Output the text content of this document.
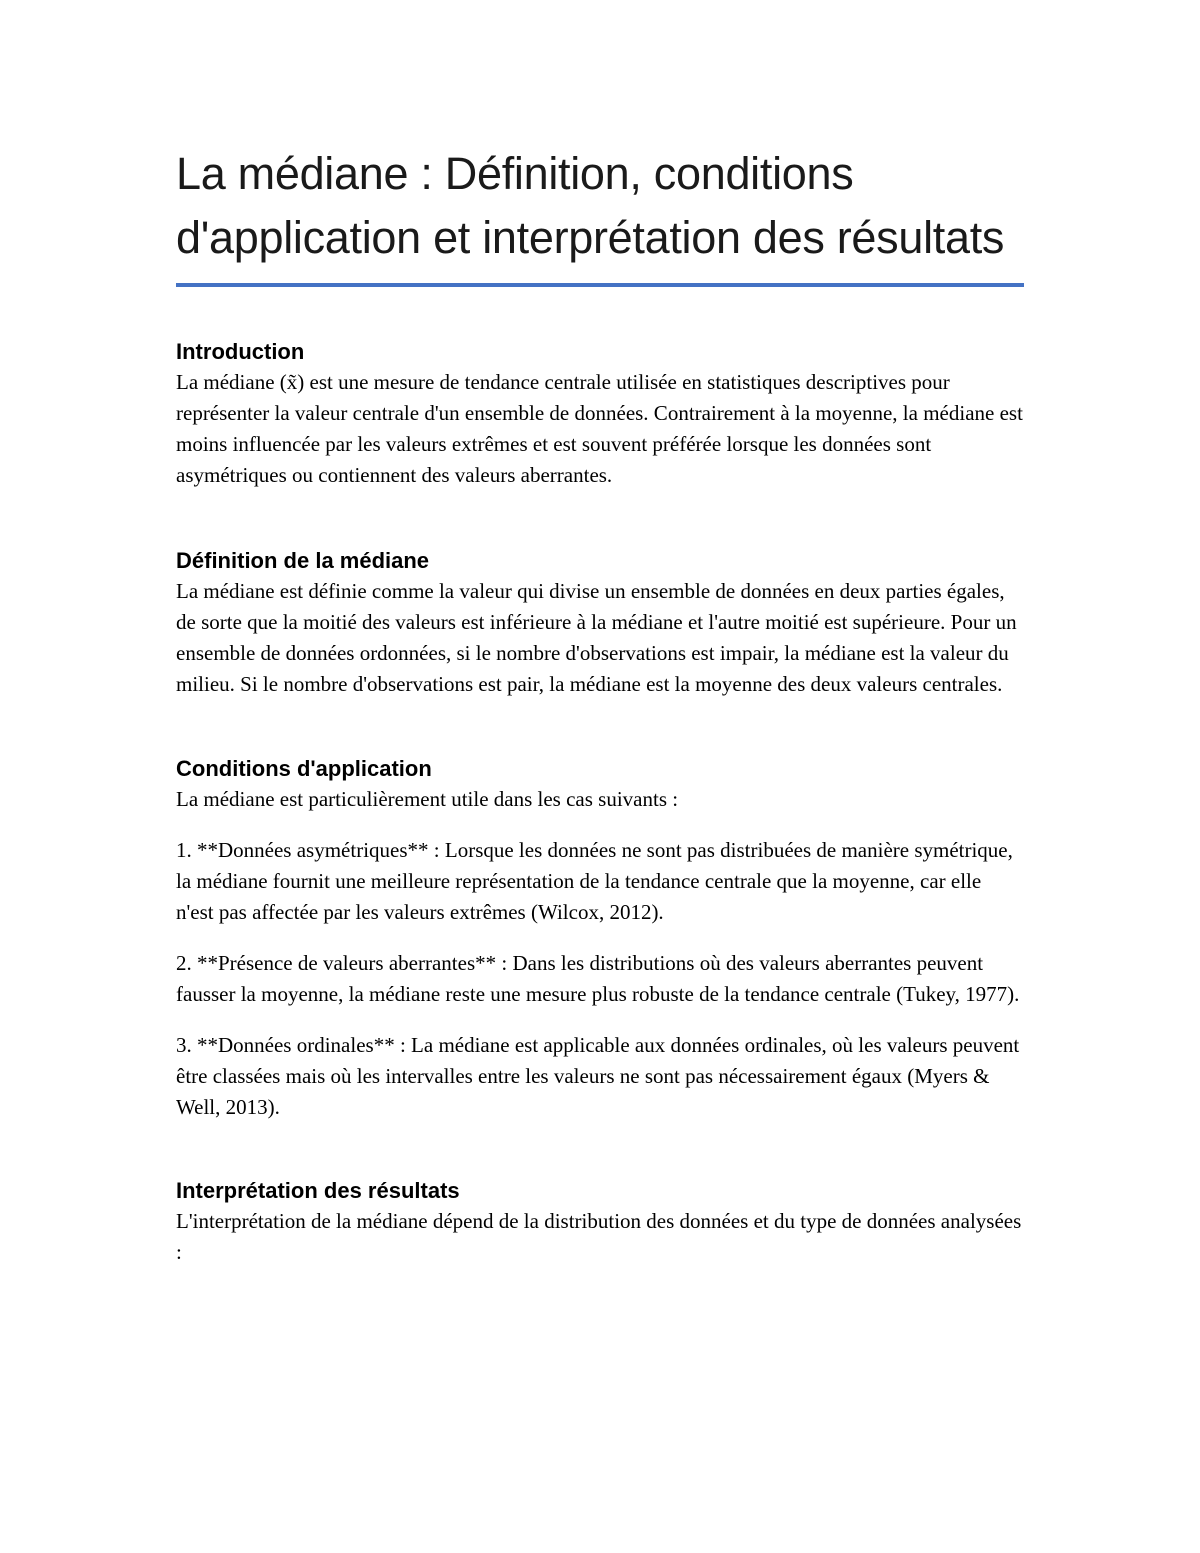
La médiane : Définition, conditions d'application et interprétation des résultats
Introduction

La médiane (x̃) est une mesure de tendance centrale utilisée en statistiques descriptives pour représenter la valeur centrale d'un ensemble de données. Contrairement à la moyenne, la médiane est moins influencée par les valeurs extrêmes et est souvent préférée lorsque les données sont asymétriques ou contiennent des valeurs aberrantes.

Définition de la médiane

La médiane est définie comme la valeur qui divise un ensemble de données en deux parties égales, de sorte que la moitié des valeurs est inférieure à la médiane et l'autre moitié est supérieure. Pour un ensemble de données ordonnées, si le nombre d'observations est impair, la médiane est la valeur du milieu. Si le nombre d'observations est pair, la médiane est la moyenne des deux valeurs centrales.

Conditions d'application

La médiane est particulièrement utile dans les cas suivants :

1. **Données asymétriques** : Lorsque les données ne sont pas distribuées de manière symétrique, la médiane fournit une meilleure représentation de la tendance centrale que la moyenne, car elle n'est pas affectée par les valeurs extrêmes (Wilcox, 2012).

2. **Présence de valeurs aberrantes** : Dans les distributions où des valeurs aberrantes peuvent fausser la moyenne, la médiane reste une mesure plus robuste de la tendance centrale (Tukey, 1977).

3. **Données ordinales** : La médiane est applicable aux données ordinales, où les valeurs peuvent être classées mais où les intervalles entre les valeurs ne sont pas nécessairement égaux (Myers & Well, 2013).

Interprétation des résultats

L'interprétation de la médiane dépend de la distribution des données et du type de données analysées :
